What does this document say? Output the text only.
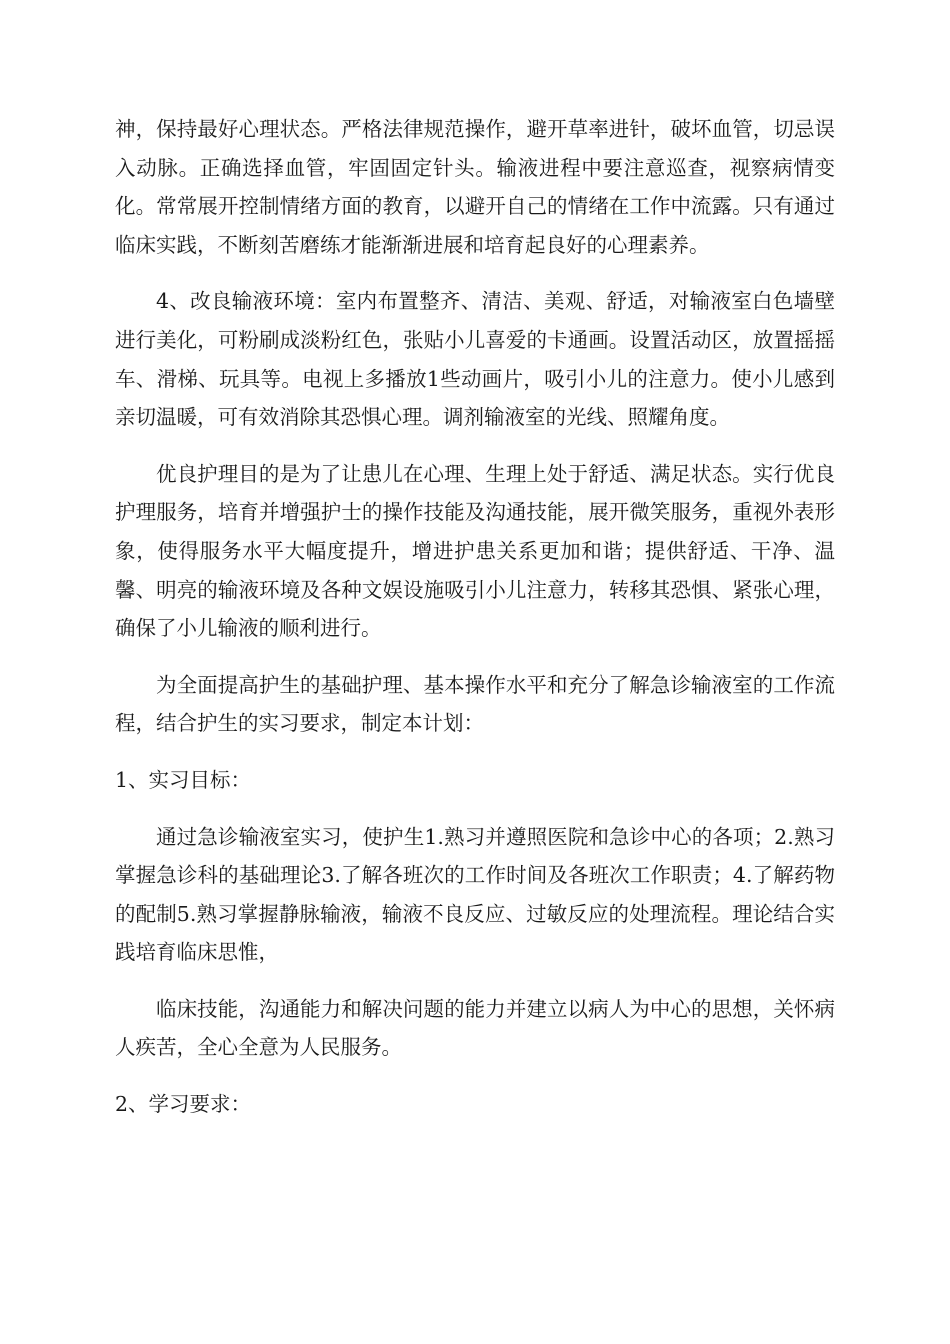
神，保持最好心理状态。严格法律规范操作，避开草率进针，破坏血管，切忌误入动脉。正确选择血管，牢固固定针头。输液进程中要注意巡查，视察病情变化。常常展开控制情绪方面的教育，以避开自己的情绪在工作中流露。只有通过临床实践，不断刻苦磨练才能渐渐进展和培育起良好的心理素养。

4、改良输液环境：室内布置整齐、清洁、美观、舒适，对输液室白色墙壁进行美化，可粉刷成淡粉红色，张贴小儿喜爱的卡通画。设置活动区，放置摇摇车、滑梯、玩具等。电视上多播放1些动画片，吸引小儿的注意力。使小儿感到亲切温暖，可有效消除其恐惧心理。调剂输液室的光线、照耀角度。

优良护理目的是为了让患儿在心理、生理上处于舒适、满足状态。实行优良护理服务，培育并增强护士的操作技能及沟通技能，展开微笑服务，重视外表形象，使得服务水平大幅度提升，增进护患关系更加和谐；提供舒适、干净、温馨、明亮的输液环境及各种文娱设施吸引小儿注意力，转移其恐惧、紧张心理，确保了小儿输液的顺利进行。

为全面提高护生的基础护理、基本操作水平和充分了解急诊输液室的工作流程，结合护生的实习要求，制定本计划：

1、实习目标：

通过急诊输液室实习，使护生1.熟习并遵照医院和急诊中心的各项；2.熟习掌握急诊科的基础理论3.了解各班次的工作时间及各班次工作职责；4.了解药物的配制5.熟习掌握静脉输液，输液不良反应、过敏反应的处理流程。理论结合实践培育临床思惟，

临床技能，沟通能力和解决问题的能力并建立以病人为中心的思想，关怀病人疾苦，全心全意为人民服务。

2、学习要求：
